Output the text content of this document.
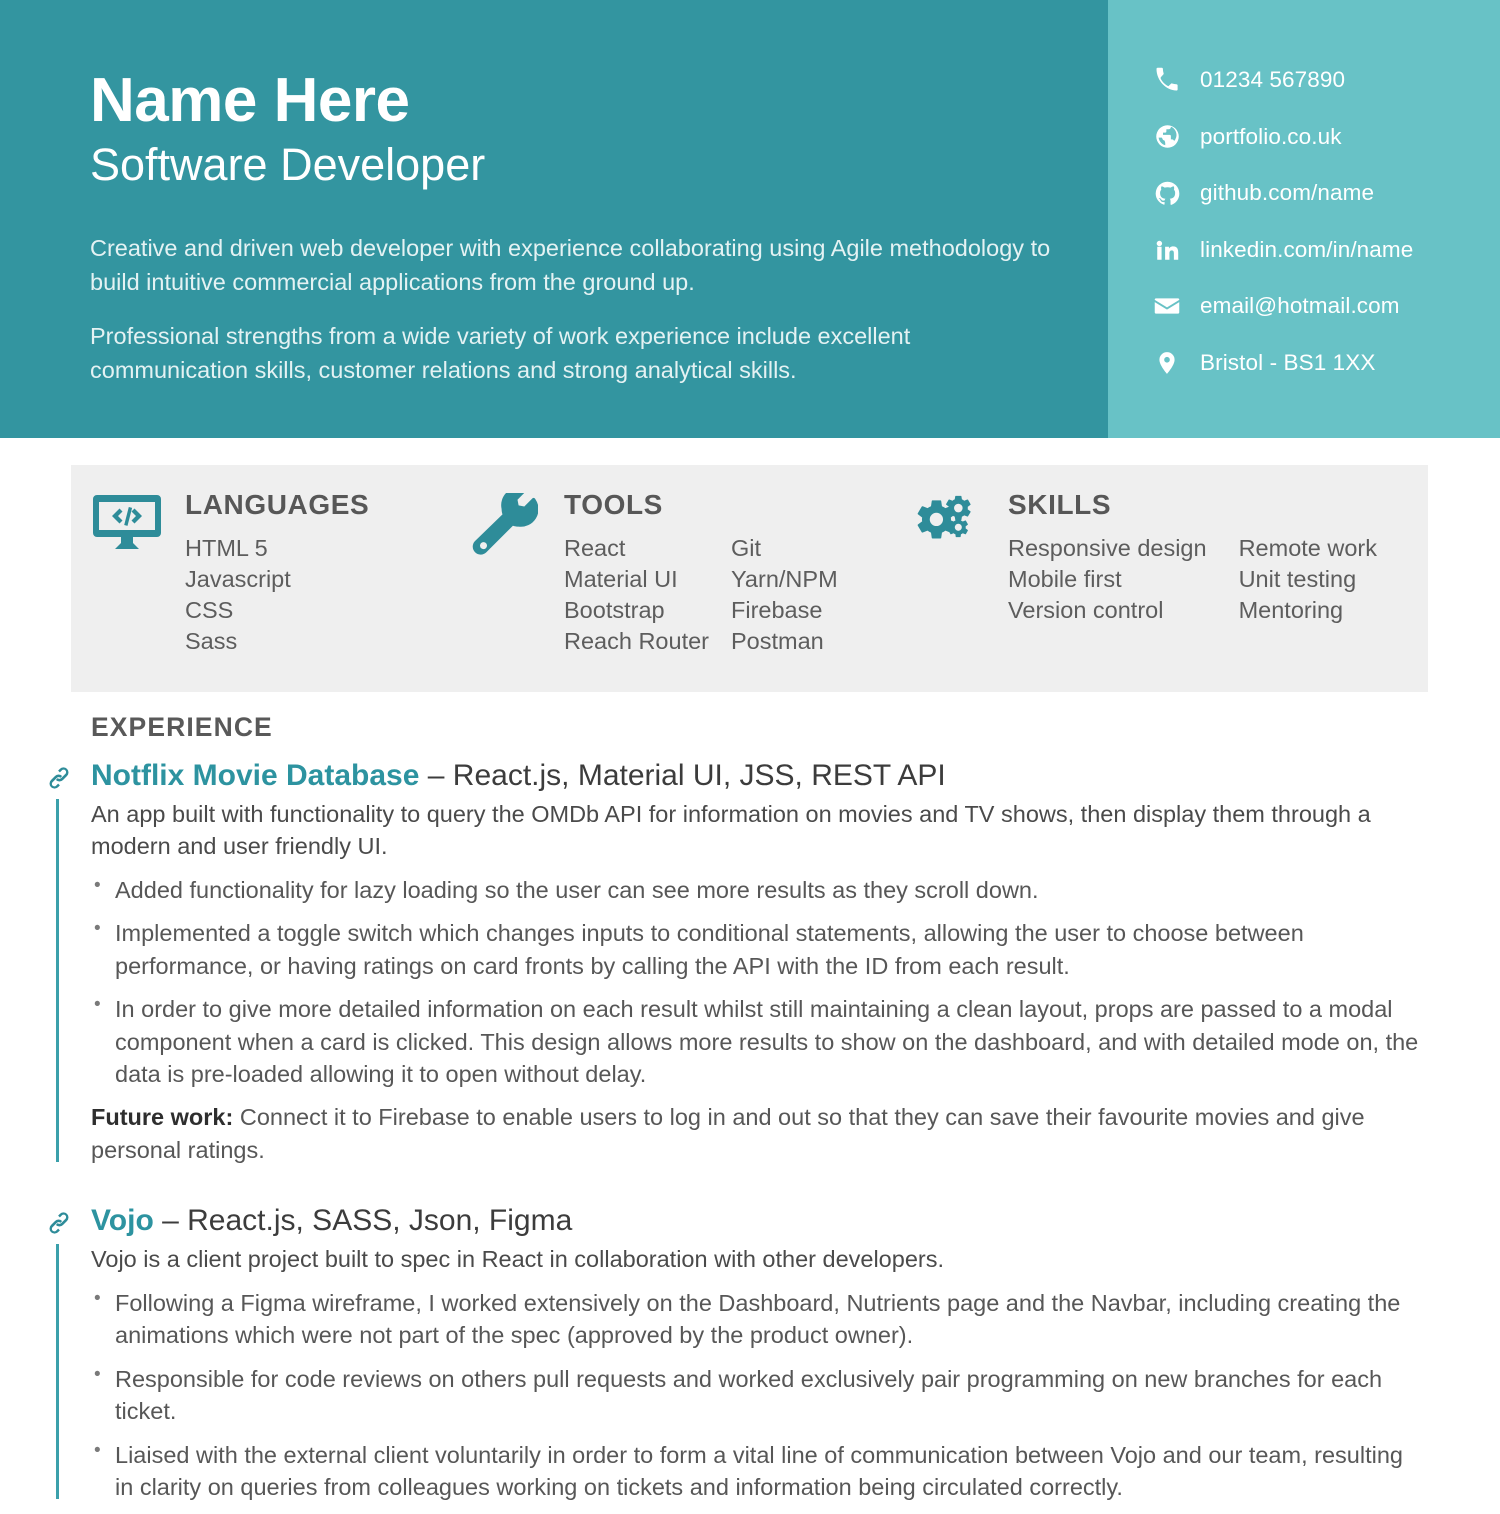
Name Here
Software Developer

Creative and driven web developer with experience collaborating using Agile methodology to build intuitive commercial applications from the ground up.

Professional strengths from a wide variety of work experience include excellent communication skills, customer relations and strong analytical skills.

01234 567890
portfolio.co.uk
github.com/name
linkedin.com/in/name
email@hotmail.com
Bristol - BS1 1XX
LANGUAGES
HTML 5
Javascript
CSS
Sass
TOOLS
React
Material UI
Bootstrap
Reach Router
Git
Yarn/NPM
Firebase
Postman
SKILLS
Responsive design
Mobile first
Version control
Remote work
Unit testing
Mentoring
EXPERIENCE
Notflix Movie Database – React.js, Material UI, JSS, REST API
An app built with functionality to query the OMDb API for information on movies and TV shows, then display them through a modern and user friendly UI.
• Added functionality for lazy loading so the user can see more results as they scroll down.
• Implemented a toggle switch which changes inputs to conditional statements, allowing the user to choose between performance, or having ratings on card fronts by calling the API with the ID from each result.
• In order to give more detailed information on each result whilst still maintaining a clean layout, props are passed to a modal component when a card is clicked. This design allows more results to show on the dashboard, and with detailed mode on, the data is pre-loaded allowing it to open without delay.
Future work: Connect it to Firebase to enable users to log in and out so that they can save their favourite movies and give personal ratings.
Vojo – React.js, SASS, Json, Figma
Vojo is a client project built to spec in React in collaboration with other developers.
• Following a Figma wireframe, I worked extensively on the Dashboard, Nutrients page and the Navbar, including creating the animations which were not part of the spec (approved by the product owner).
• Responsible for code reviews on others pull requests and worked exclusively pair programming on new branches for each ticket.
• Liaised with the external client voluntarily in order to form a vital line of communication between Vojo and our team, resulting in clarity on queries from colleagues working on tickets and information being circulated correctly.
